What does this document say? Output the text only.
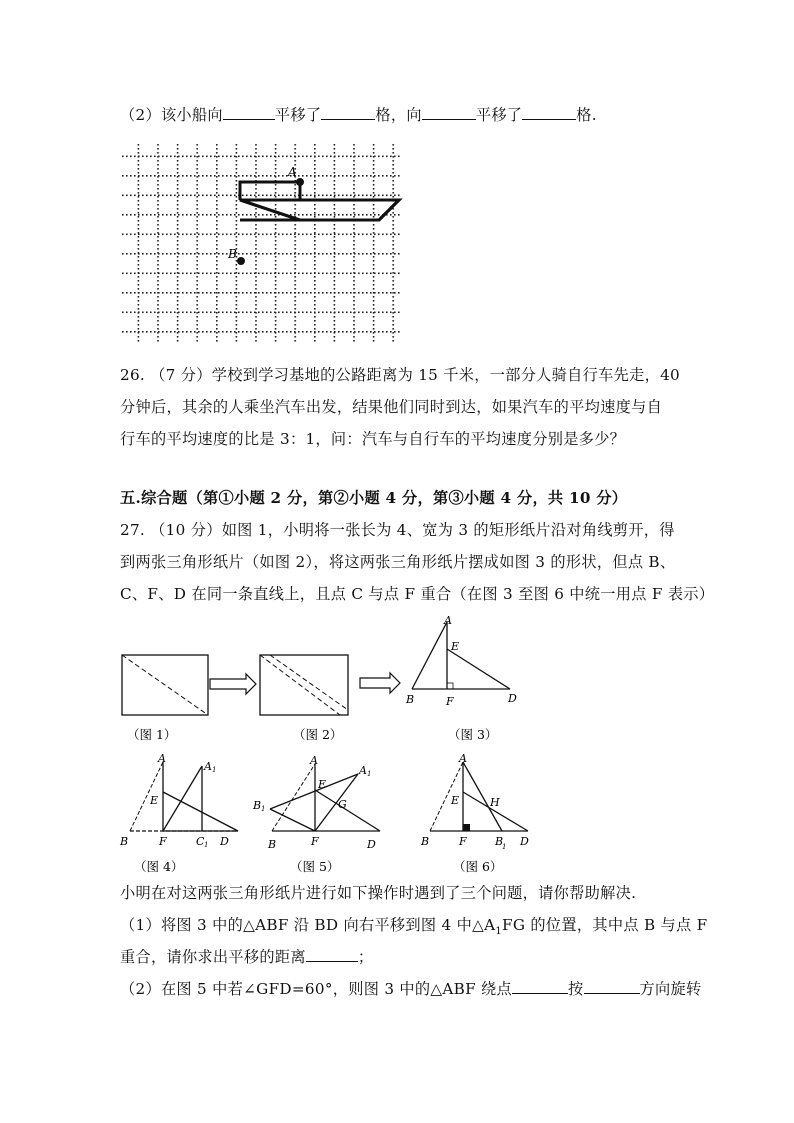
（2）该小船向	平移了	格，向	平移了	格.
A
B
26. （7 分）学校到学习基地的公路距离为 15 千米，一部分人骑自行车先走，40
分钟后，其余的人乘坐汽车出发，结果他们同时到达，如果汽车的平均速度与自
行车的平均速度的比是 3：1，问：汽车与自行车的平均速度分别是多少？
五.综合题（第①小题 2 分，第②小题 4 分，第③小题 4 分，共 10 分）
27. （10 分）如图 1，小明将一张长为 4、宽为 3 的矩形纸片沿对角线剪开，得
到两张三角形纸片（如图 2），将这两张三角形纸片摆成如图 3 的形状，但点 B、
C、F、D 在同一条直线上，且点 C 与点 F 重合（在图 3 至图 6 中统一用点 F 表示）
A
E
B	F	D
（图 1）	（图 2）	（图 3）
A
A 1
E
B	F	C 1 D
（图 4）
A
A 1
E
G
B 1
B	F	D
（图 5）
A
E	H
B	F	B
1 D
（图 6）
小明在对这两张三角形纸片进行如下操作时遇到了三个问题，请你帮助解决.
（1）将图 3 中的△ABF 沿 BD 向右平移到图 4 中$\triangle A_1FG$ 的位置，其中点 B 与点 F
重合，请你求出平移的距离	；
（2）在图 5 中若∠GFD=60°，则图 3 中的△ABF 绕点	按	方向旋转
